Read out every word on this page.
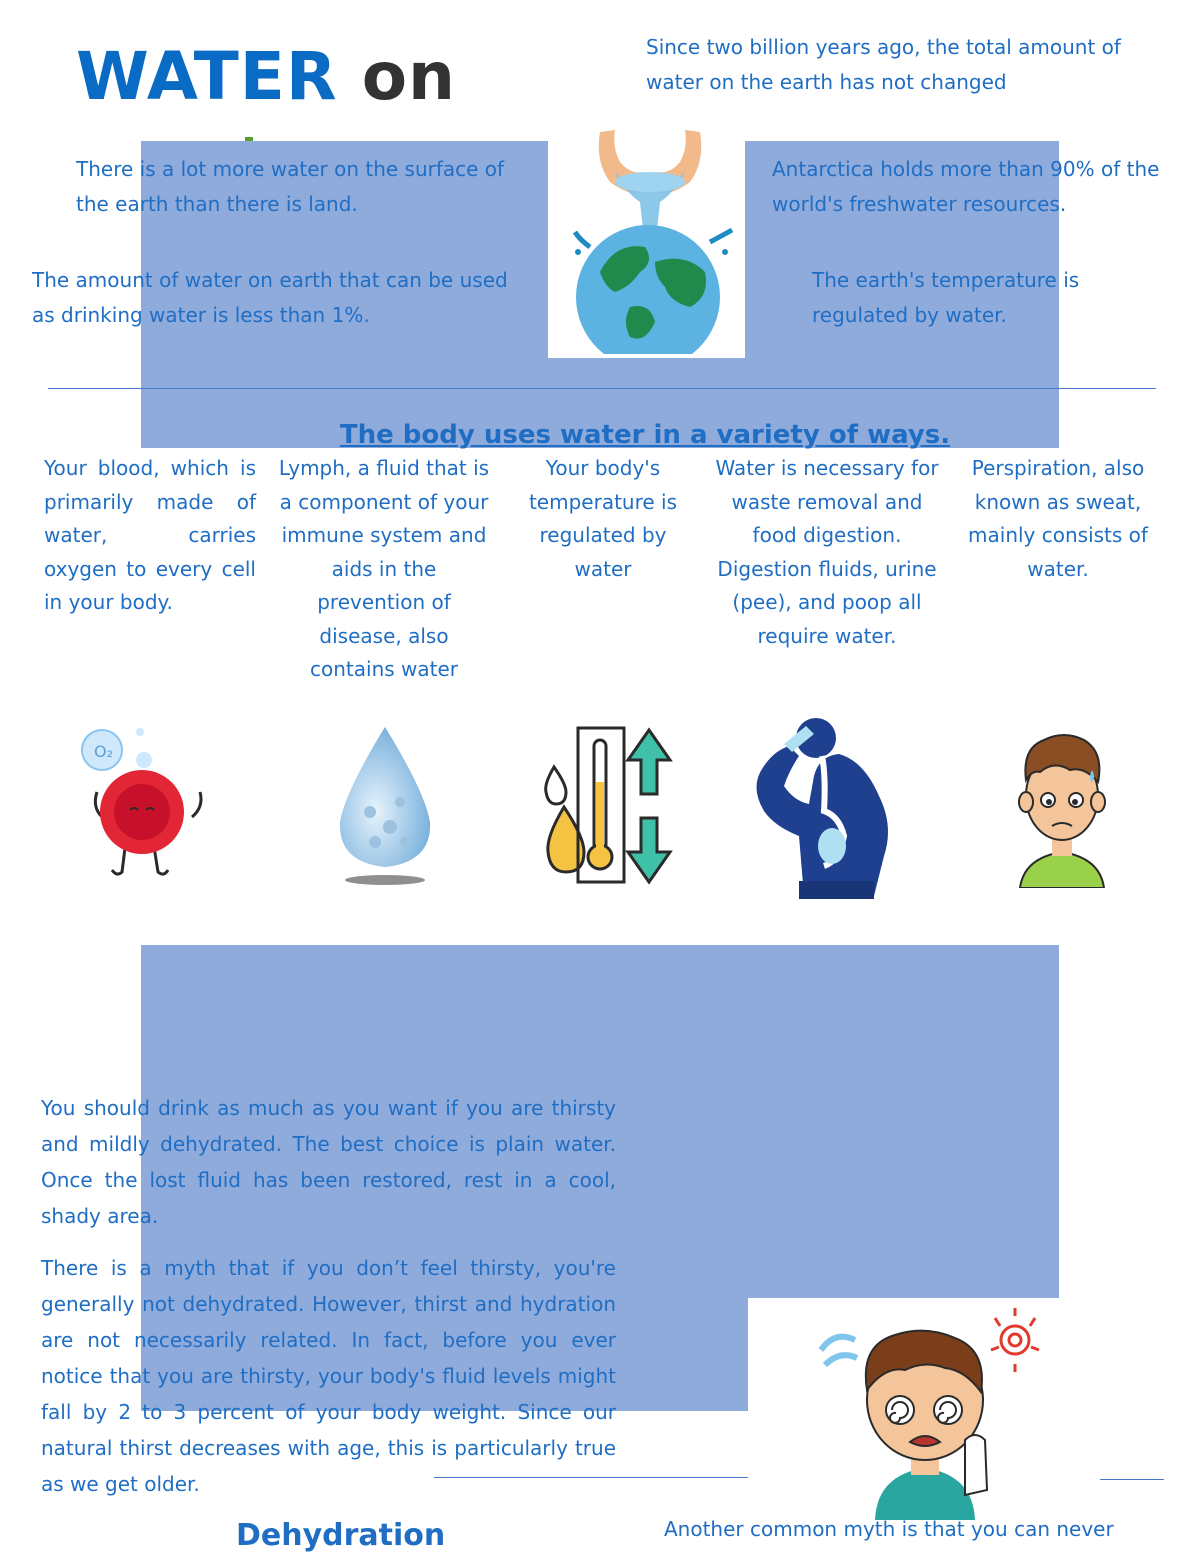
WATER on	Since two billion years ago, the total amount of water on the earth has not changed
There is a lot more water on the surface of the earth than there is land.
The amount of water on earth that can be used as drinking water is less than 1%.
Antarctica holds more than 90% of the world's freshwater resources.
The earth's temperature is regulated by water.
The body uses water in a variety of ways.
Your blood, which is primarily made of water, carries oxygen to every cell in your body.
Lymph, a fluid that is a component of your immune system and aids in the prevention of disease, also contains water
Your body's temperature is regulated by water
Water is necessary for waste removal and food digestion. Digestion fluids, urine (pee), and poop all require water.
Perspiration, also known as sweat, mainly consists of water.
O₂
You should drink as much as you want if you are thirsty and mildly dehydrated. The best choice is plain water. Once the lost fluid has been restored, rest in a cool, shady area.
There is a myth that if you don’t feel thirsty, you're generally not dehydrated. However, thirst and hydration are not necessarily related. In fact, before you ever notice that you are thirsty, your body's fluid levels might fall by 2 to 3 percent of your body weight. Since our natural thirst decreases with age, this is particularly true as we get older.
Dehydration	Another common myth is that you can never
